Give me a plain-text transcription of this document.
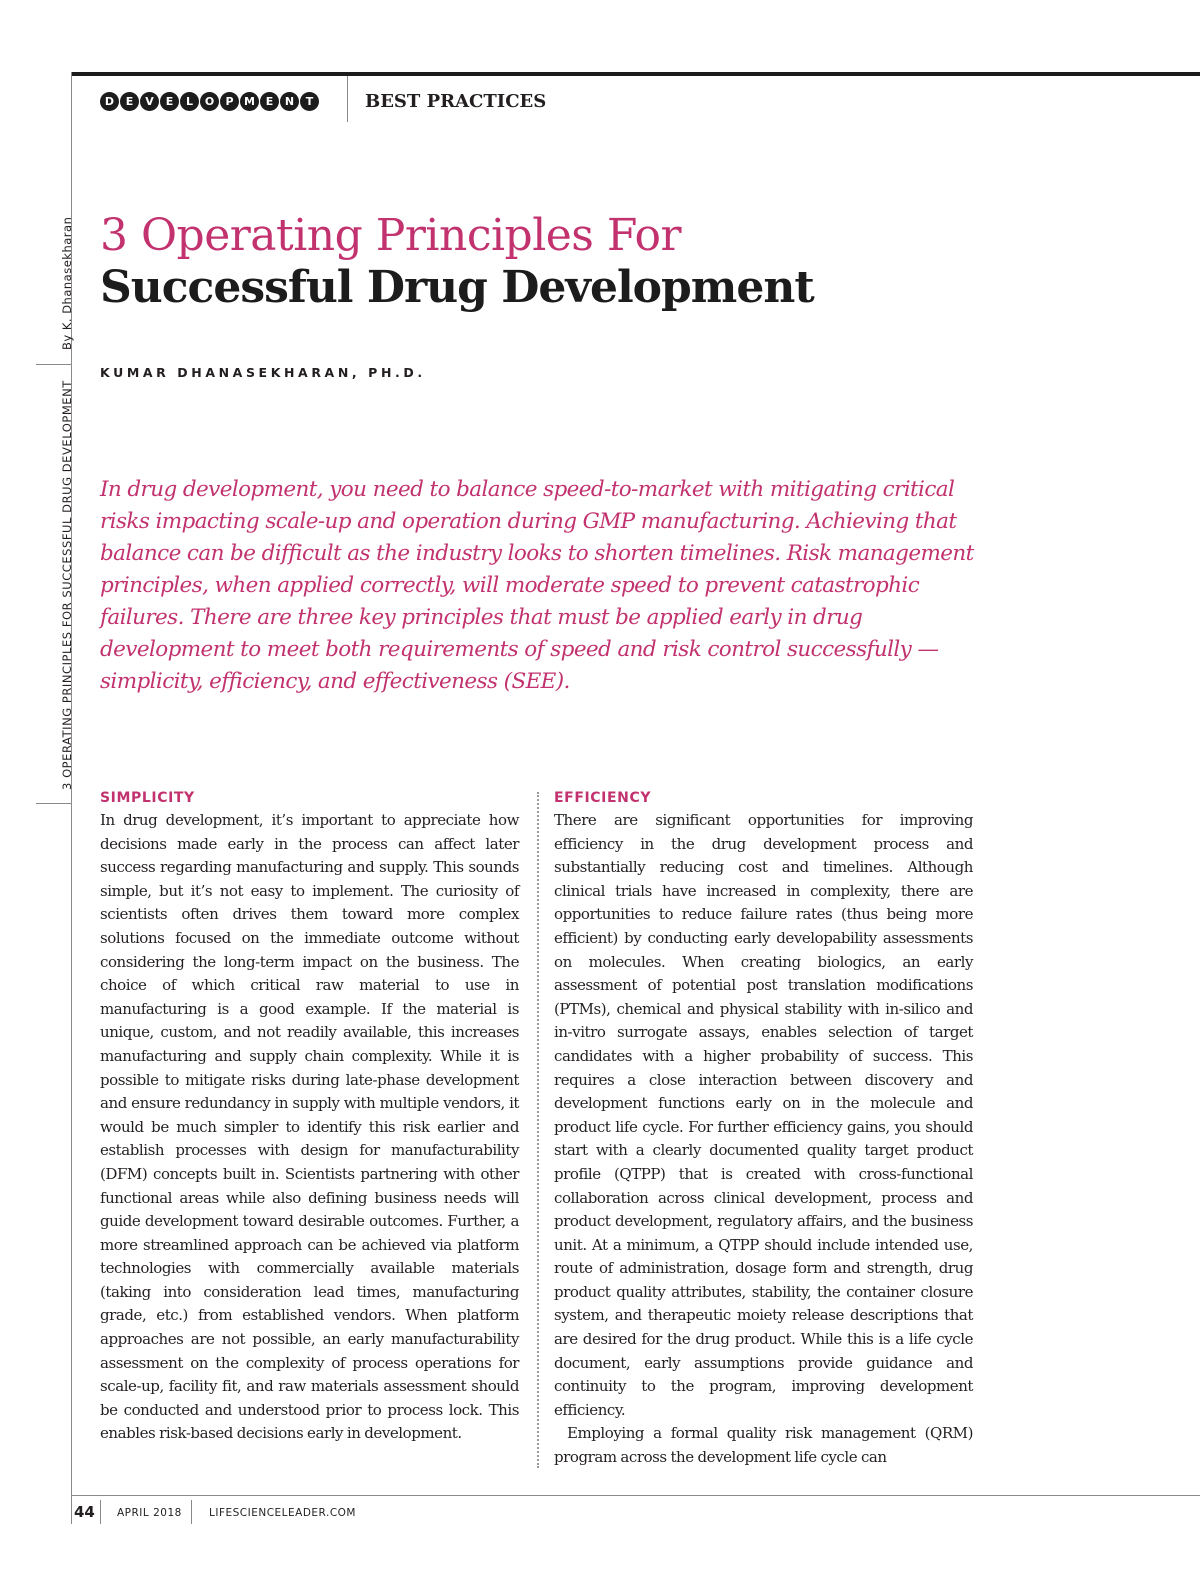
D	E	V	E	L	O	P M E	N	T	BEST PRACTICES
3 OPERATING PRINCIPLES FOR SUCCESSFUL DRUG DEVELOPMENT
By K. Dhanasekharan 3 Operating Principles For
Successful Drug Development
KUMAR DHANASEKHARAN, PH.D.
In drug development, you need to balance speed-to-market with mitigating critical risks impacting scale-up and operation during GMP manufacturing. Achieving that balance can be difficult as the industry looks to shorten timelines. Risk management principles, when applied correctly, will moderate speed to prevent catastrophic failures. There are three key principles that must be applied early in drug development to meet both requirements of speed and risk control successfully — simplicity, efficiency, and effectiveness (SEE).
SIMPLICITY

In drug development, it’s important to appreciate how decisions made early in the process can affect later success regarding manufacturing and supply. This sounds simple, but it’s not easy to implement. The curiosity of scientists often drives them toward more complex solutions focused on the immediate outcome without considering the long-term impact on the business. The choice of which critical raw material to use in manufacturing is a good example. If the material is unique, custom, and not readily available, this increases manufacturing and supply chain complexity. While it is possible to mitigate risks during late-phase development and ensure redundancy in supply with multiple vendors, it would be much simpler to identify this risk earlier and establish processes with design for manufacturability (DFM) concepts built in. Scientists partnering with other functional areas while also defining business needs will guide development toward desirable outcomes. Further, a more streamlined approach can be achieved via platform technologies with commercially available materials (taking into consideration lead times, manufacturing grade, etc.) from established vendors. When platform approaches are not possible, an early manufacturability assessment on the complexity of process operations for scale-up, facility fit, and raw materials assessment should be conducted and understood prior to process lock. This enables risk-based decisions early in development.

EFFICIENCY

There are significant opportunities for improving efficiency in the drug development process and substantially reducing cost and timelines. Although clinical trials have increased in complexity, there are opportunities to reduce failure rates (thus being more efficient) by conducting early developability assessments on molecules. When creating biologics, an early assessment of potential post translation modifications (PTMs), chemical and physical stability with in-silico and in-vitro surrogate assays, enables selection of target candidates with a higher probability of success. This requires a close interaction between discovery and development functions early on in the molecule and product life cycle. For further efficiency gains, you should start with a clearly documented quality target product profile (QTPP) that is created with cross-functional collaboration across clinical development, process and product development, regulatory affairs, and the business unit. At a minimum, a QTPP should include intended use, route of administration, dosage form and strength, drug product quality attributes, stability, the container closure system, and therapeutic moiety release descriptions that are desired for the drug product. While this is a life cycle document, early assumptions provide guidance and continuity to the program, improving development efficiency.

Employing a formal quality risk management (QRM) program across the development life cycle can

44 APRIL 2018	LIFESCIENCELEADER.COM
